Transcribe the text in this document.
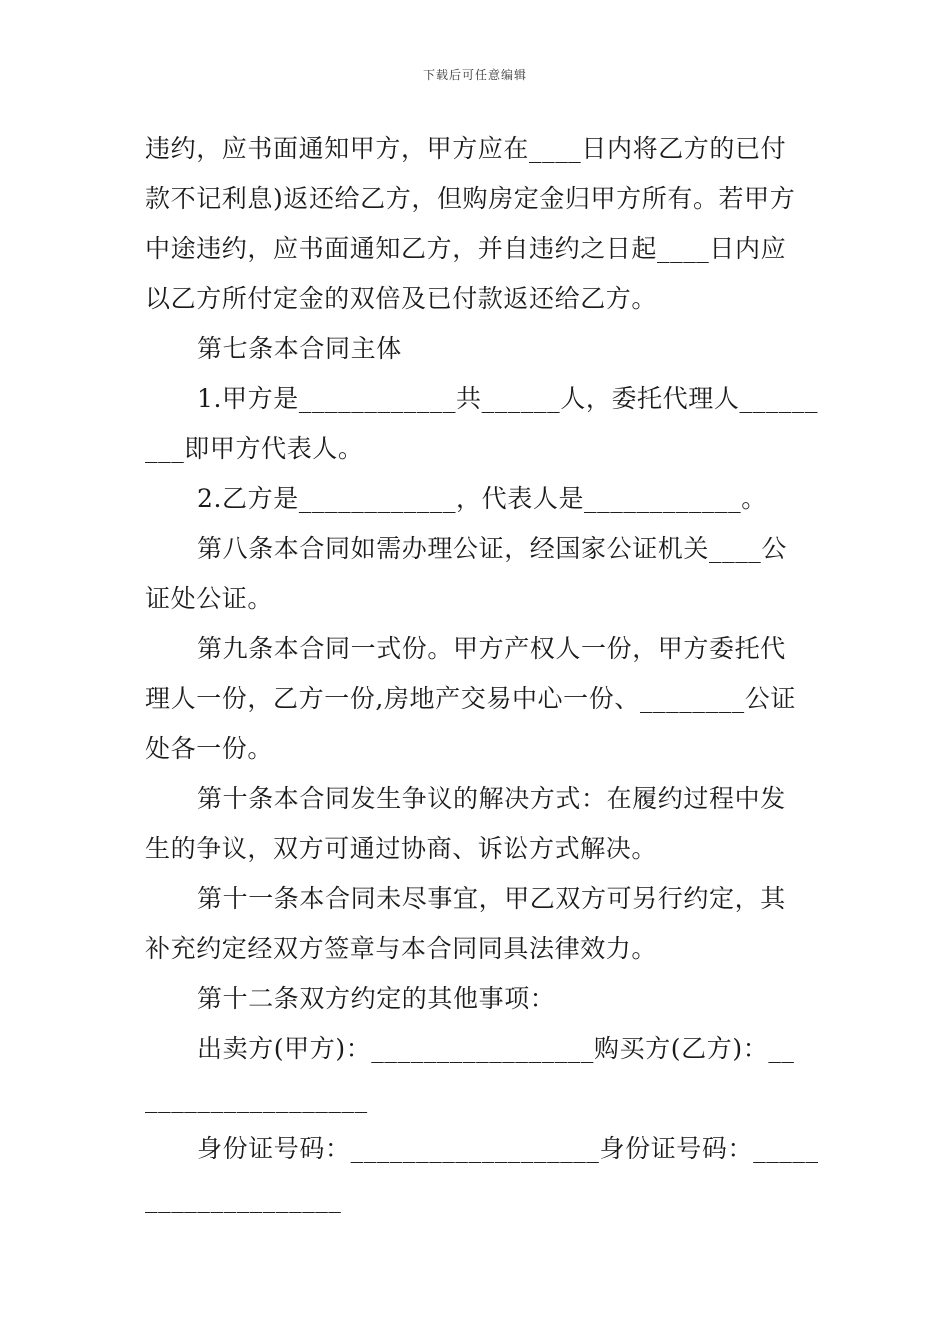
下载后可任意编辑
违约，应书面通知甲方，甲方应在____日内将乙方的已付
款不记利息)返还给乙方，但购房定金归甲方所有。若甲方
中途违约，应书面通知乙方，并自违约之日起____日内应
以乙方所付定金的双倍及已付款返还给乙方。
第七条本合同主体
1.甲方是____________共______人，委托代理人______
___即甲方代表人。
2.乙方是____________，代表人是____________。
第八条本合同如需办理公证，经国家公证机关____公
证处公证。
第九条本合同一式份。甲方产权人一份，甲方委托代
理人一份，乙方一份,房地产交易中心一份、________公证
处各一份。
第十条本合同发生争议的解决方式：在履约过程中发
生的争议，双方可通过协商、诉讼方式解决。
第十一条本合同未尽事宜，甲乙双方可另行约定，其
补充约定经双方签章与本合同同具法律效力。
第十二条双方约定的其他事项：
出卖方(甲方)：_________________购买方(乙方)：__
_________________
身份证号码：___________________身份证号码：_____
_______________
